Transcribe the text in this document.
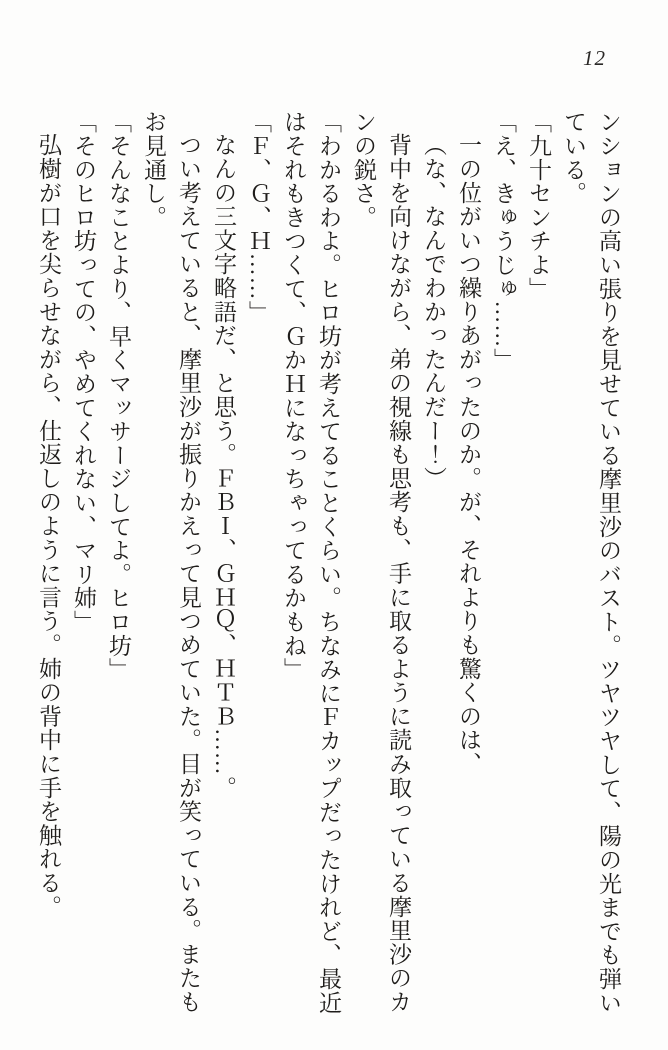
12

ンションの高い張りを見せている摩里沙のバスト。ツヤツヤして、陽の光までも弾いている。

「九十センチよ」

「え、きゅうじゅ……」

一の位がいつ繰りあがったのか。が、それよりも驚くのは、

（な、なんでわかったんだー！）

背中を向けながら、弟の視線も思考も、手に取るように読み取っている摩里沙のカンの鋭さ。

「わかるわよ。ヒロ坊が考えてることくらい。ちなみにＦカップだったけれど、最近はそれもきつくて、ＧかＨになっちゃってるかもね」

「Ｆ、Ｇ、Ｈ……」

なんの三文字略語だ、と思う。ＦＢＩ、ＧＨＱ、ＨＴＢ……。

つい考えていると、摩里沙が振りかえって見つめていた。目が笑っている。またもお見通し。

「そんなことより、早くマッサージしてよ。ヒロ坊」

「そのヒロ坊っての、やめてくれない、マリ姉」

弘樹が口を尖らせながら、仕返しのように言う。姉の背中に手を触れる。
